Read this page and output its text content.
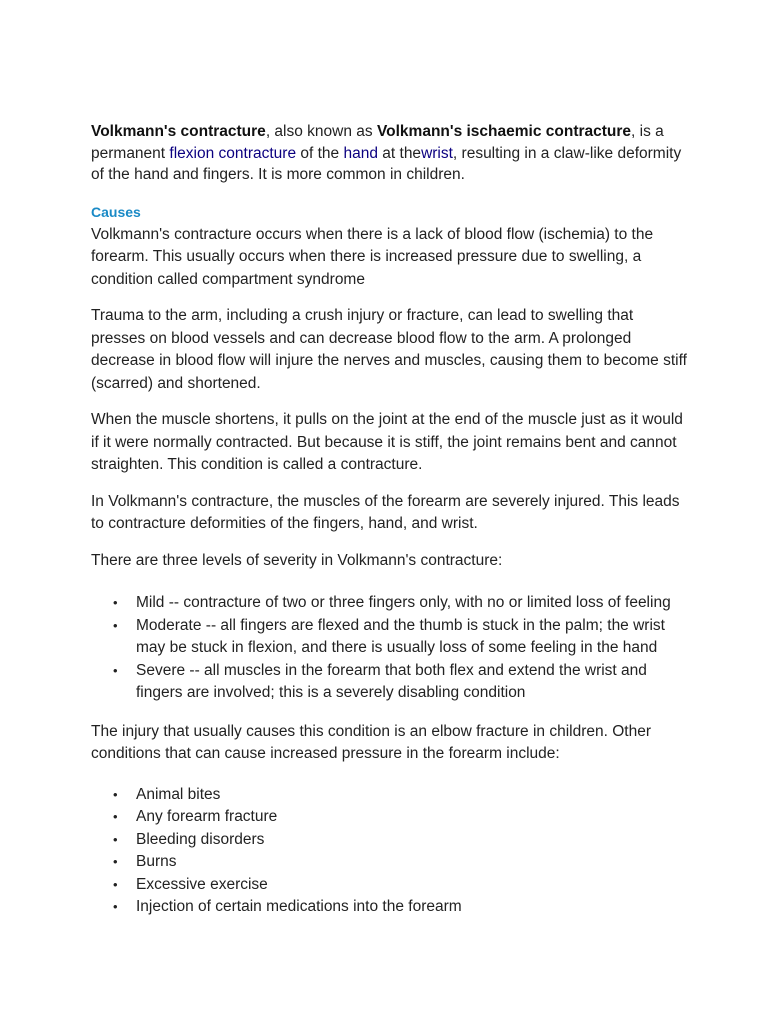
Volkmann's contracture, also known as Volkmann's ischaemic contracture, is a permanent flexion contracture of the hand at thewrist, resulting in a claw-like deformity of the hand and fingers. It is more common in children.

Causes

Volkmann's contracture occurs when there is a lack of blood flow (ischemia) to the forearm. This usually occurs when there is increased pressure due to swelling, a condition called compartment syndrome

Trauma to the arm, including a crush injury or fracture, can lead to swelling that presses on blood vessels and can decrease blood flow to the arm. A prolonged decrease in blood flow will injure the nerves and muscles, causing them to become stiff (scarred) and shortened.

When the muscle shortens, it pulls on the joint at the end of the muscle just as it would if it were normally contracted. But because it is stiff, the joint remains bent and cannot straighten. This condition is called a contracture.

In Volkmann's contracture, the muscles of the forearm are severely injured. This leads to contracture deformities of the fingers, hand, and wrist.

There are three levels of severity in Volkmann's contracture:

• Mild -- contracture of two or three fingers only, with no or limited loss of feeling
• Moderate -- all fingers are flexed and the thumb is stuck in the palm; the wrist may be stuck in flexion, and there is usually loss of some feeling in the hand
• Severe -- all muscles in the forearm that both flex and extend the wrist and fingers are involved; this is a severely disabling condition

The injury that usually causes this condition is an elbow fracture in children. Other conditions that can cause increased pressure in the forearm include:

• Animal bites
• Any forearm fracture
• Bleeding disorders
• Burns
• Excessive exercise
• Injection of certain medications into the forearm
